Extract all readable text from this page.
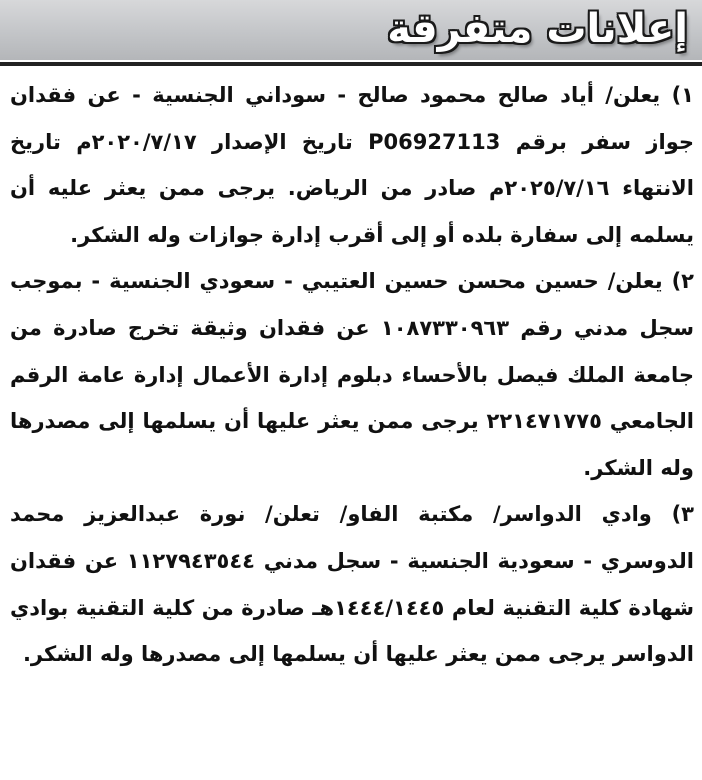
إعلانات متفرقة

١) يعلن/ أياد صالح محمود صالح - سوداني الجنسية - عن فقدان جواز سفر برقم P06927113 تاريخ الإصدار ٢٠٢٠/٧/١٧م تاريخ الانتهاء ٢٠٢٥/٧/١٦م صادر من الرياض. يرجى ممن يعثر عليه أن يسلمه إلى سفارة بلده أو إلى أقرب إدارة جوازات وله الشكر.

٢) يعلن/ حسين محسن حسين العتيبي - سعودي الجنسية - بموجب سجل مدني رقم ١٠٨٧٣٣٠٩٦٣ عن فقدان وثيقة تخرج صادرة من جامعة الملك فيصل بالأحساء دبلوم إدارة الأعمال إدارة عامة الرقم الجامعي ٢٢١٤٧١٧٧٥ يرجى ممن يعثر عليها أن يسلمها إلى مصدرها وله الشكر.

٣) وادي الدواسر/ مكتبة الفاو/ تعلن/ نورة عبدالعزيز محمد الدوسري - سعودية الجنسية - سجل مدني ١١٢٧٩٤٣٥٤٤ عن فقدان شهادة كلية التقنية لعام ١٤٤٤/١٤٤٥هـ صادرة من كلية التقنية بوادي الدواسر يرجى ممن يعثر عليها أن يسلمها إلى مصدرها وله الشكر.
